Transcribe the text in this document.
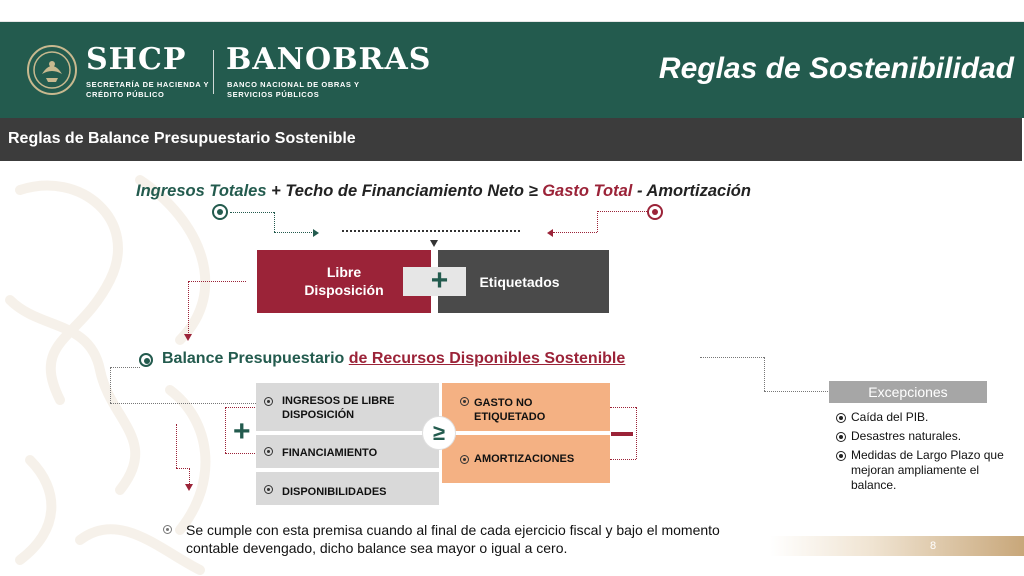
SHCP
SECRETARÍA DE HACIENDA Y CRÉDITO PÚBLICO
BANOBRAS
BANCO NACIONAL DE OBRAS Y SERVICIOS PÚBLICOS
Reglas de Sostenibilidad
Reglas de Balance Presupuestario Sostenible
Ingresos Totales + Techo de Financiamiento Neto ≥ Gasto Total - Amortización
Libre
Disposición
Etiquetados
+
Balance Presupuestario de Recursos Disponibles Sostenible
INGRESOS DE LIBRE DISPOSICIÓN
FINANCIAMIENTO
DISPONIBILIDADES
GASTO NO ETIQUETADO
AMORTIZACIONES
≥
+
Excepciones
Caída del PIB.
Desastres naturales.
Medidas de Largo Plazo que mejoran ampliamente el balance.
Se cumple con esta premisa cuando al final de cada ejercicio fiscal y bajo el momento contable devengado, dicho balance sea mayor o igual a cero.	8
